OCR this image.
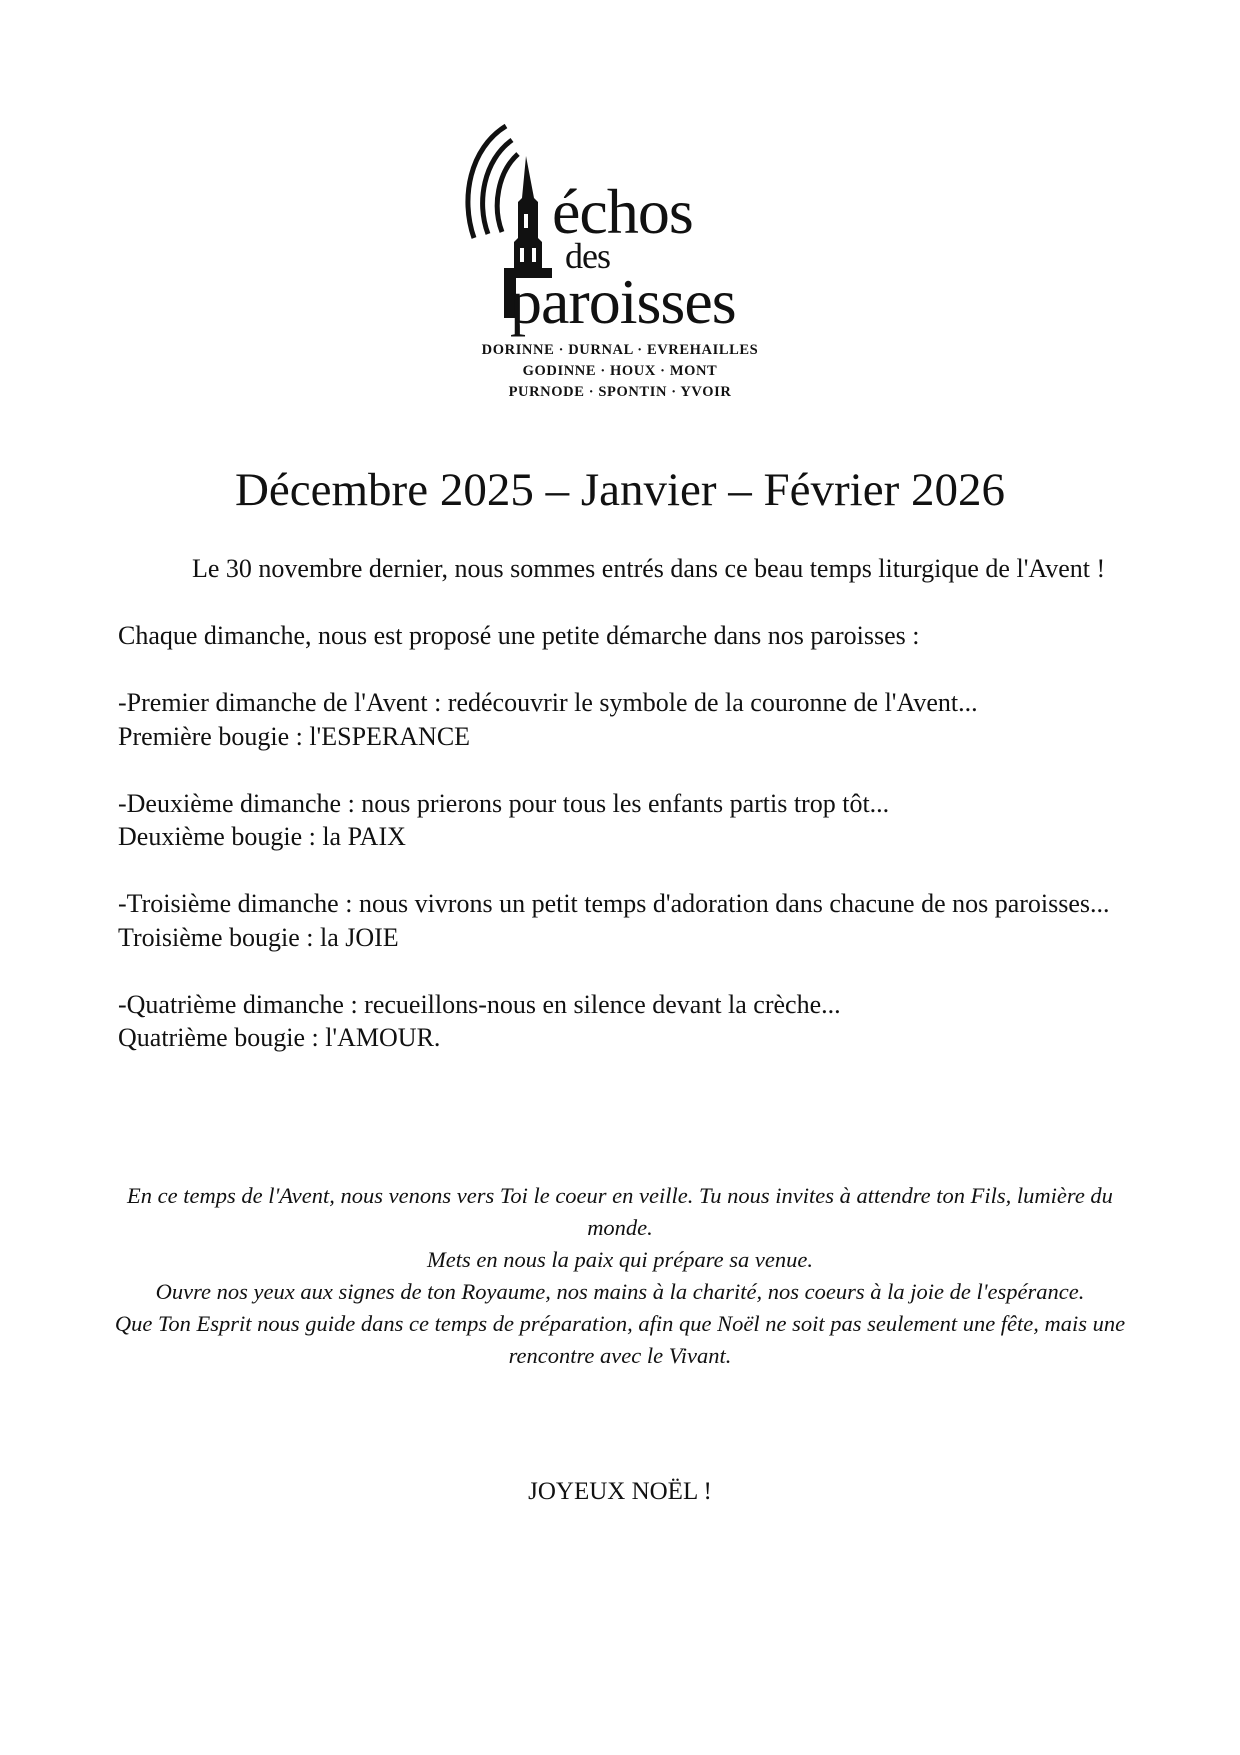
échos
des
paroisses
DORINNE · DURNAL · EVREHAILLES
GODINNE · HOUX · MONT
PURNODE · SPONTIN · YVOIR
Décembre 2025 – Janvier – Février 2026

Le 30 novembre dernier, nous sommes entrés dans ce beau temps liturgique de l'Avent !

Chaque dimanche, nous est proposé une petite démarche dans nos paroisses :

-Premier dimanche de l'Avent : redécouvrir le symbole de la couronne de l'Avent...

Première bougie : l'ESPERANCE

-Deuxième dimanche : nous prierons pour tous les enfants partis trop tôt...

Deuxième bougie : la PAIX

-Troisième dimanche : nous vivrons un petit temps d'adoration dans chacune de nos paroisses...

Troisième bougie : la JOIE

-Quatrième dimanche : recueillons-nous en silence devant la crèche...

Quatrième bougie : l'AMOUR.

En ce temps de l'Avent, nous venons vers Toi le coeur en veille. Tu nous invites à attendre ton Fils, lumière du monde.

Mets en nous la paix qui prépare sa venue.

Ouvre nos yeux aux signes de ton Royaume, nos mains à la charité, nos coeurs à la joie de l'espérance.

Que Ton Esprit nous guide dans ce temps de préparation, afin que Noël ne soit pas seulement une fête, mais une rencontre avec le Vivant.

JOYEUX NOËL !
